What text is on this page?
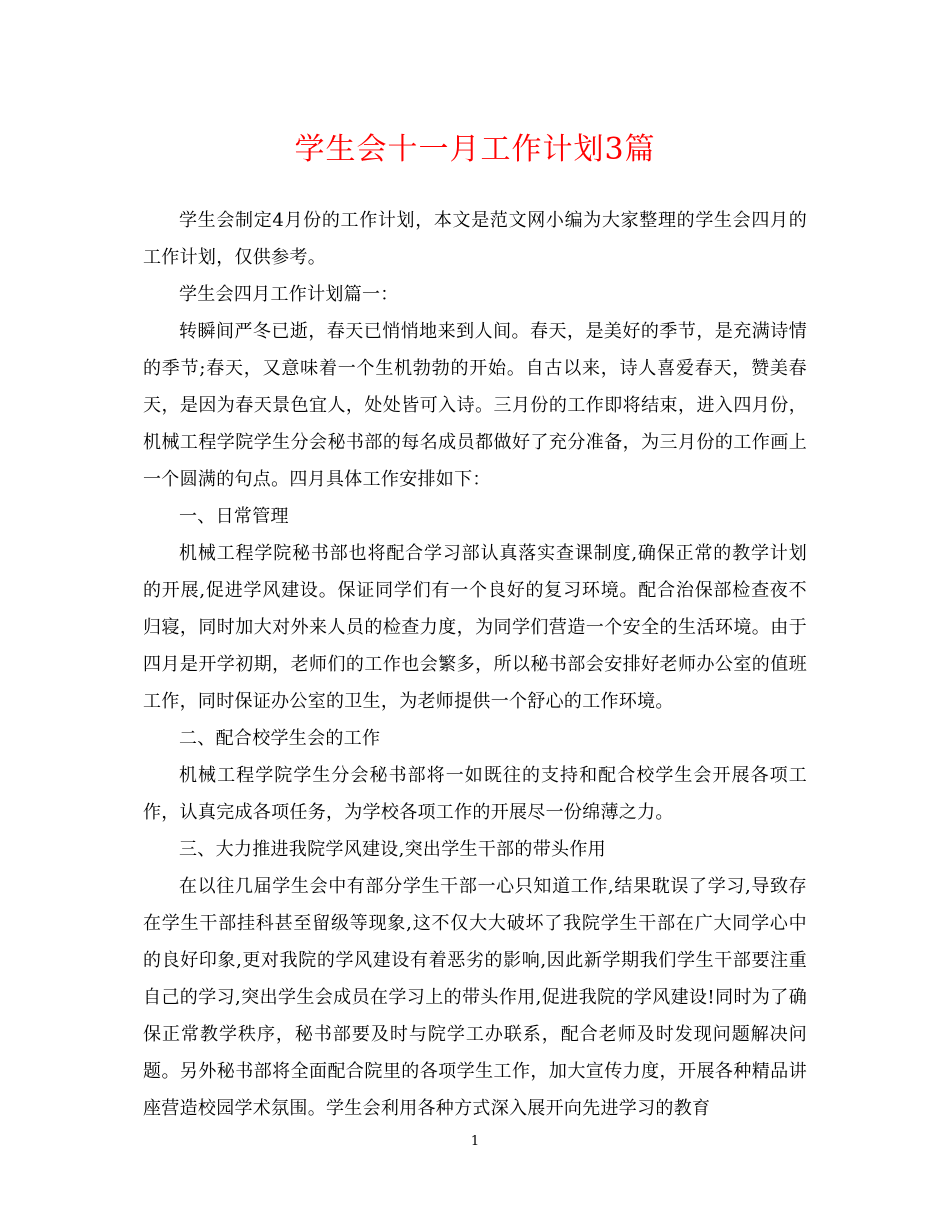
学生会十一月工作计划3篇

学生会制定4月份的工作计划，本文是范文网小编为大家整理的学生会四月的工作计划，仅供参考。

学生会四月工作计划篇一：

转瞬间严冬已逝，春天已悄悄地来到人间。春天，是美好的季节，是充满诗情的季节;春天，又意味着一个生机勃勃的开始。自古以来，诗人喜爱春天，赞美春天，是因为春天景色宜人，处处皆可入诗。三月份的工作即将结束，进入四月份，机械工程学院学生分会秘书部的每名成员都做好了充分准备，为三月份的工作画上一个圆满的句点。四月具体工作安排如下：

一、日常管理

机械工程学院秘书部也将配合学习部认真落实查课制度,确保正常的教学计划的开展,促进学风建设。保证同学们有一个良好的复习环境。配合治保部检查夜不归寝，同时加大对外来人员的检查力度，为同学们营造一个安全的生活环境。由于四月是开学初期，老师们的工作也会繁多，所以秘书部会安排好老师办公室的值班工作，同时保证办公室的卫生，为老师提供一个舒心的工作环境。

二、配合校学生会的工作

机械工程学院学生分会秘书部将一如既往的支持和配合校学生会开展各项工作，认真完成各项任务，为学校各项工作的开展尽一份绵薄之力。

三、大力推进我院学风建设,突出学生干部的带头作用

在以往几届学生会中有部分学生干部一心只知道工作,结果耽误了学习,导致存在学生干部挂科甚至留级等现象,这不仅大大破坏了我院学生干部在广大同学心中的良好印象,更对我院的学风建设有着恶劣的影响,因此新学期我们学生干部要注重自己的学习,突出学生会成员在学习上的带头作用,促进我院的学风建设!同时为了确保正常教学秩序，秘书部要及时与院学工办联系，配合老师及时发现问题解决问题。另外秘书部将全面配合院里的各项学生工作，加大宣传力度，开展各种精品讲座营造校园学术氛围。学生会利用各种方式深入展开向先进学习的教育

1
